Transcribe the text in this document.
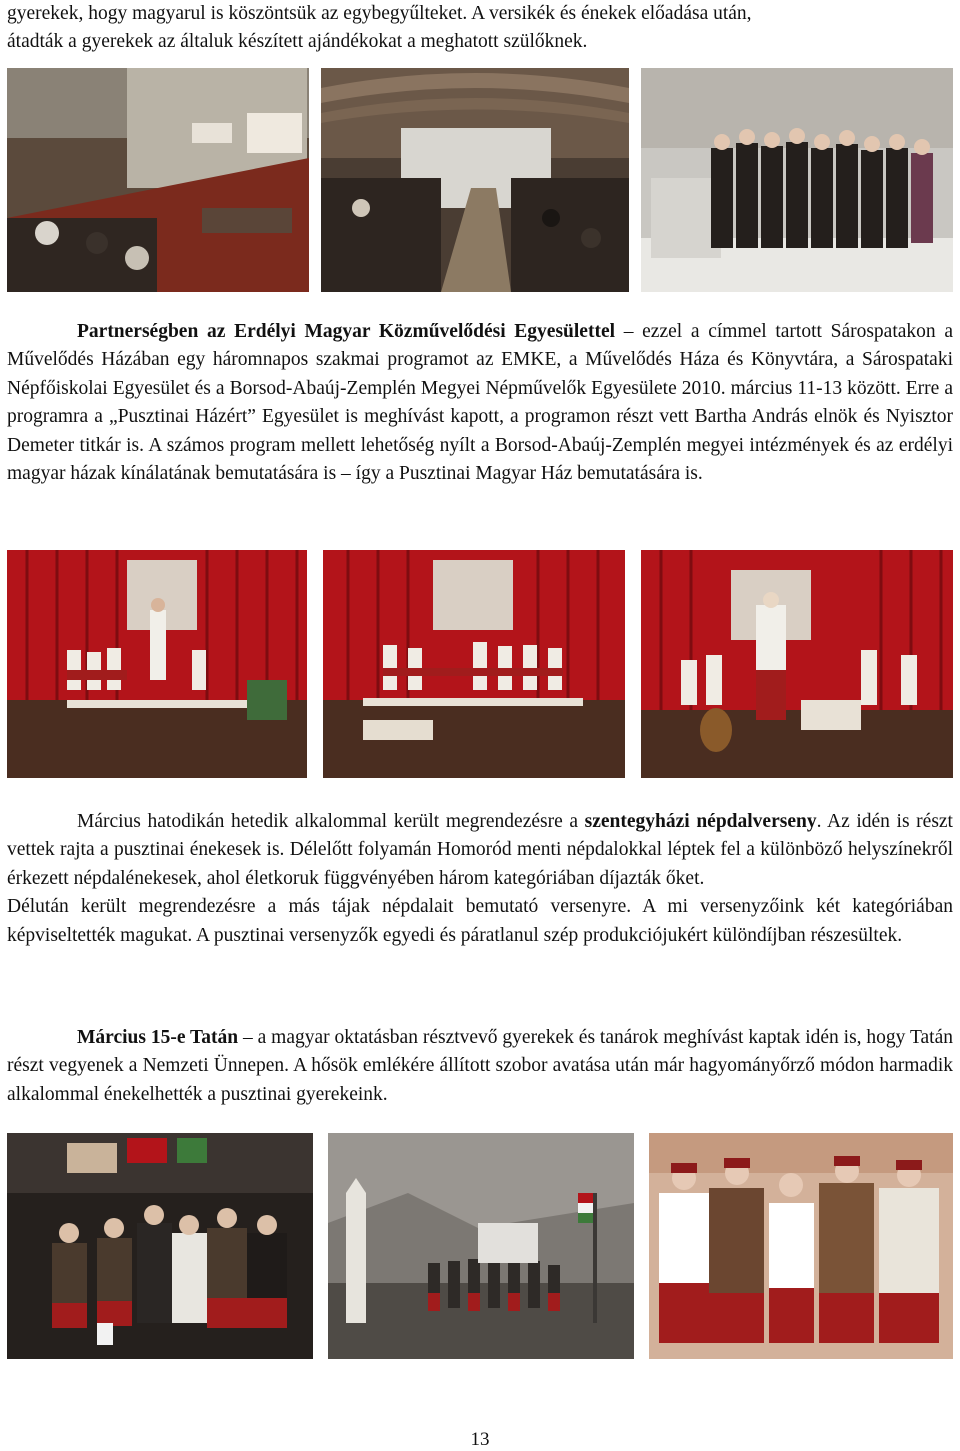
gyerekek, hogy magyarul is köszöntsük az egybegyűlteket. A versikék és énekek előadása után,

átadták a gyerekek az általuk készített ajándékokat a meghatott szülőknek.

Partnerségben az Erdélyi Magyar Közművelődési Egyesülettel – ezzel a címmel tartott Sárospatakon a Művelődés Házában egy háromnapos szakmai programot az EMKE, a Művelődés Háza és Könyvtára, a Sárospataki Népfőiskolai Egyesület és a Borsod-Abaúj-Zemplén Megyei Népművelők Egyesülete 2010. március 11-13 között. Erre a programra a „Pusztinai Házért” Egyesület is meghívást kapott, a programon részt vett Bartha András elnök és Nyisztor Demeter titkár is. A számos program mellett lehetőség nyílt a Borsod-Abaúj-Zemplén megyei intézmények és az erdélyi magyar házak kínálatának bemutatására is – így a Pusztinai Magyar Ház bemutatására is.

Március hatodikán hetedik alkalommal került megrendezésre a szentegyházi népdalverseny. Az idén is részt vettek rajta a pusztinai énekesek is. Délelőtt folyamán Homoród menti népdalokkal léptek fel a különböző helyszínekről érkezett népdalénekesek, ahol életkoruk függvényében három kategóriában díjazták őket.

Délután került megrendezésre a más tájak népdalait bemutató versenyre. A mi versenyzőink két kategóriában képviseltették magukat. A pusztinai versenyzők egyedi és páratlanul szép produkciójukért különdíjban részesültek.

Március 15-e Tatán – a magyar oktatásban résztvevő gyerekek és tanárok meghívást kaptak idén is, hogy Tatán részt vegyenek a Nemzeti Ünnepen. A hősök emlékére állított szobor avatása után már hagyományőrző módon harmadik alkalommal énekelhették a pusztinai gyerekeink.

13
